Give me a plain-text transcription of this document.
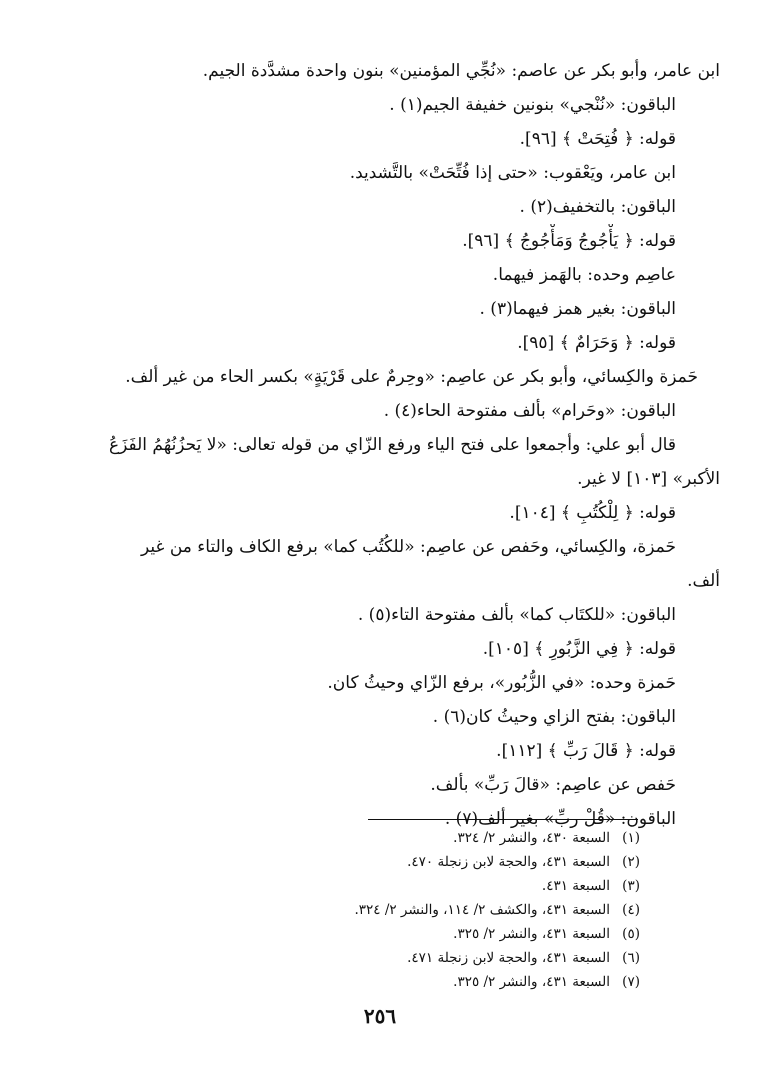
ابن عامر، وأبو بكر عن عاصم: «نُجِّي المؤمنين» بنون واحدة مشدَّدة الجيم.
الباقون: «نُنْجي» بنونين خفيفة الجيم(١) .
قوله: ﴿ فُتِحَتْ ﴾ [٩٦].
ابن عامر، ويَعْقوب: «حتى إذا فُتِّحَتْ» بالتَّشديد.
الباقون: بالتخفيف(٢) .
قوله: ﴿ يَأْجُوجُ وَمَأْجُوجُ ﴾ [٩٦].
عاصِم وحده: بالهَمز فيهما.
الباقون: بغير همز فيهما(٣) .
قوله: ﴿ وَحَرَامٌ ﴾ [٩٥].
حَمزة والكِسائي، وأبو بكر عن عاصِم: «وحِرمٌ على قَرْيَةٍ» بكسر الحاء من غير ألف.
الباقون: «وحَرام» بألف مفتوحة الحاء(٤) .
قال أبو علي: وأجمعوا على فتح الياء ورفع الزّاي من قوله تعالى: «لا يَحزُنُهُمُ الفَزَعُ
الأكبر» [١٠٣] لا غير.
قوله: ﴿ لِلْكُتُبِ ﴾ [١٠٤].
حَمزة، والكِسائي، وحَفص عن عاصِم: «للكُتُب كما» برفع الكاف والتاء من غير
ألف.
الباقون: «للكتَاب كما» بألف مفتوحة التاء(٥) .
قوله: ﴿ فِي الزَّبُورِ ﴾ [١٠٥].
حَمزة وحده: «في الزُّبُور»، برفع الزّاي وحيثُ كان.
الباقون: بفتح الزاي وحيثُ كان(٦) .
قوله: ﴿ قَالَ رَبِّ ﴾ [١١٢].
حَفص عن عاصِم: «قالَ رَبِّ» بألف.
الباقون: «قُلْ ربِّ» بغير ألف(٧) .
(١)السبعة ٤٣٠، والنشر ٢/ ٣٢٤.
(٢)السبعة ٤٣١، والحجة لابن زنجلة ٤٧٠.
(٣)السبعة ٤٣١.
(٤)السبعة ٤٣١، والكشف ٢/ ١١٤، والنشر ٢/ ٣٢٤.
(٥)السبعة ٤٣١، والنشر ٢/ ٣٢٥.
(٦)السبعة ٤٣١، والحجة لابن زنجلة ٤٧١.
(٧)السبعة ٤٣١، والنشر ٢/ ٣٢٥.
٢٥٦
